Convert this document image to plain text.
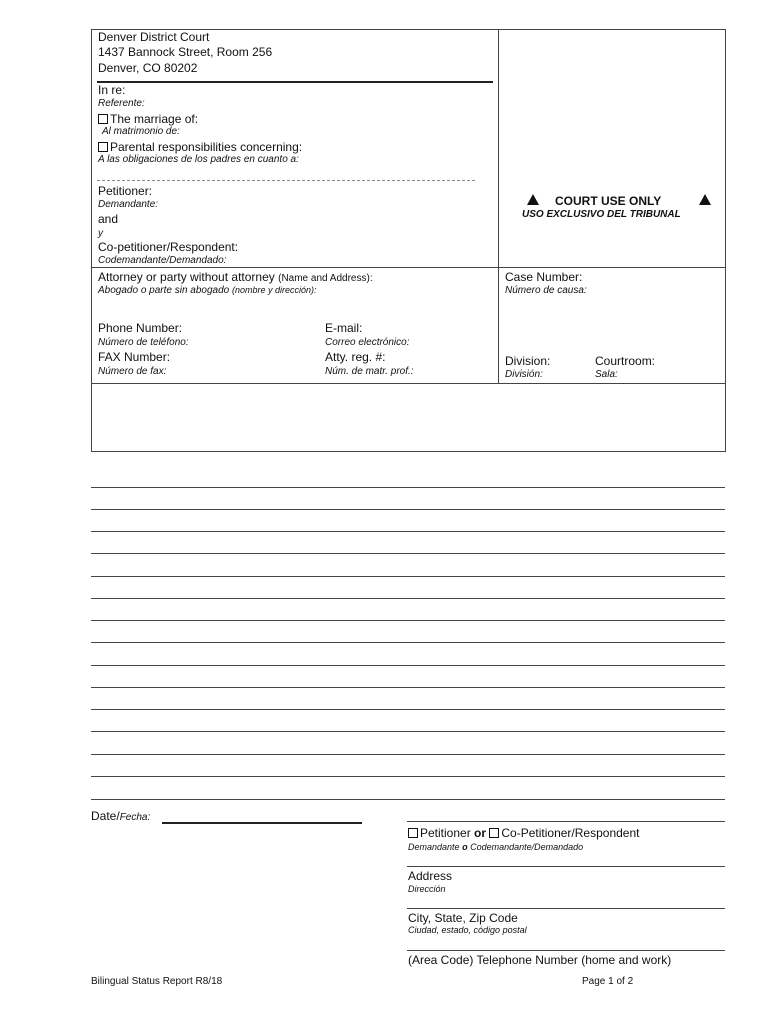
Denver District Court
1437 Bannock Street, Room 256
Denver, CO 80202
In re:
Referente:
The marriage of:
Al matrimonio de:
Parental responsibilities concerning:
A las obligaciones de los padres en cuanto a:
Petitioner:
Demandante:
and
y
Co-petitioner/Respondent:
Codemandante/Demandado:
Attorney or party without attorney (Name and Address):
Abogado o parte sin abogado (nombre y dirección):
Phone Number:
Número de teléfono:
FAX Number:
Número de fax:
E-mail:
Correo electrónico:
Atty. reg. #:
Núm. de matr. prof.:
COURT USE ONLY
USO EXCLUSIVO DEL TRIBUNAL
Case Number:
Número de causa:
Division:
División:
Courtroom:
Sala:
Date/Fecha:
Petitioner or Co-Petitioner/Respondent
Demandante o Codemandante/Demandado
Address
Dirección
City, State, Zip Code
Ciudad, estado, código postal
(Area Code) Telephone Number (home and work)
Bilingual Status Report R8/18	Page 1 of 2
